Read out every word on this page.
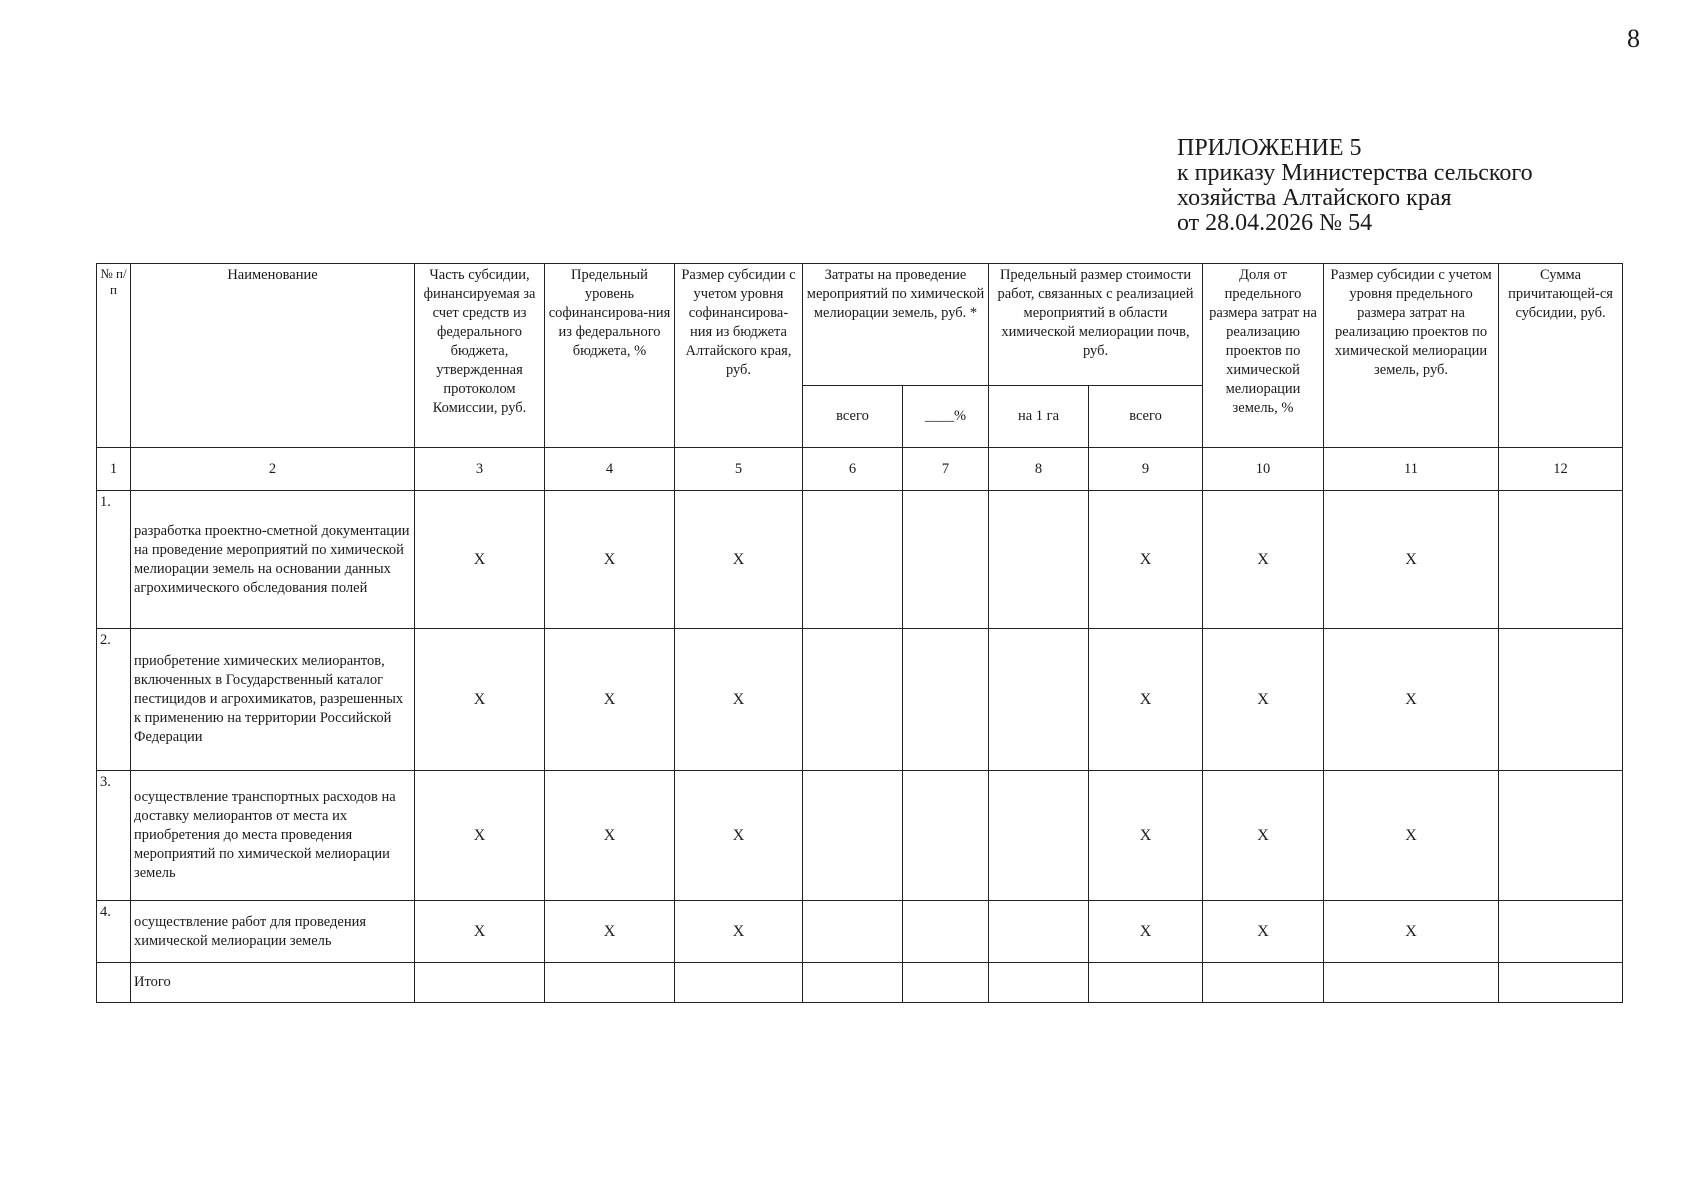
8
ПРИЛОЖЕНИЕ 5
к приказу Министерства сельского
хозяйства Алтайского края
от 28.04.2026 № 54
№ п/ п	Наименование	Часть субсидии, финансируемая за счет средств из федерального бюджета, утвержденная протоколом Комиссии, руб.	Предельный уровень софинансирова-ния из федерального бюджета, %	Размер субсидии с учетом уровня софинансирова-ния из бюджета Алтайского края, руб.	Затраты на проведение мероприятий по химической мелиорации земель, руб. *		Предельный размер стоимости работ, связанных с реализацией мероприятий в области химической мелиорации почв, руб.		Доля от предельного размера затрат на реализацию проектов по химической мелиорации земель, %	Размер субсидии с учетом уровня предельного размера затрат на реализацию проектов по химической мелиорации земель, руб.	Сумма причитающей-ся субсидии, руб.
					всего	____%	на 1 га	всего			
1	2	3	4	5	6	7	8	9	10	11	12
1.	разработка проектно-сметной документации на проведение мероприятий по химической мелиорации земель на основании данных агрохимического обследования полей	X	X	X				X	X	X	
2.	приобретение химических мелиорантов, включенных в Государственный каталог пестицидов и агрохимикатов, разрешенных к применению на территории Российской Федерации	X	X	X				X	X	X	
3.	осуществление транспортных расходов на доставку мелиорантов от места их приобретения до места проведения мероприятий по химической мелиорации земель	X	X	X				X	X	X	
4.	осуществление работ для проведения химической мелиорации земель	X	X	X				X	X	X	
	Итого										
